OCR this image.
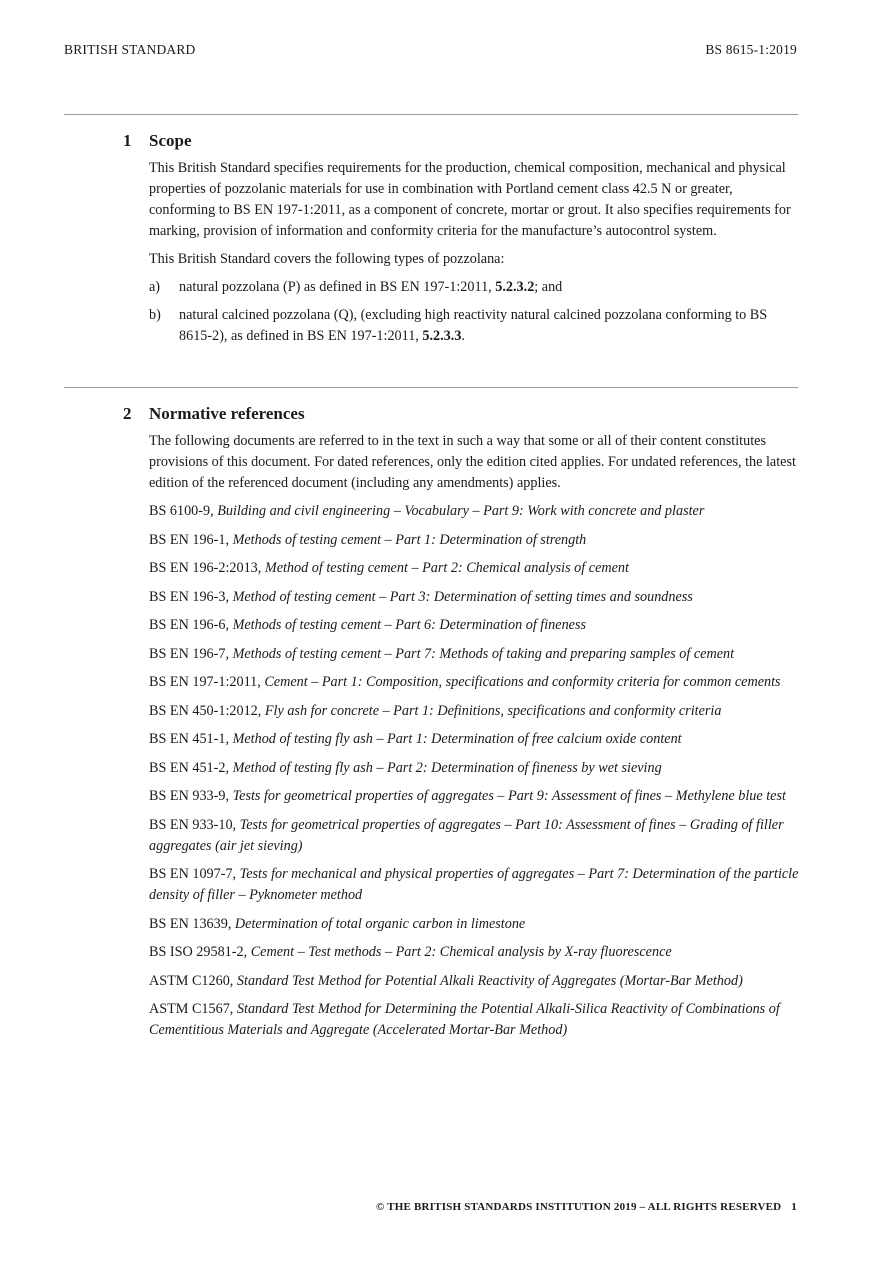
BRITISH STANDARD	BS 8615-1:2019
1	Scope

This British Standard specifies requirements for the production, chemical composition, mechanical and physical properties of pozzolanic materials for use in combination with Portland cement class 42.5 N or greater, conforming to BS EN 197-1:2011, as a component of concrete, mortar or grout. It also specifies requirements for marking, provision of information and conformity criteria for the manufacture’s autocontrol system.

This British Standard covers the following types of pozzolana:

a)	natural pozzolana (P) as defined in BS EN 197-1:2011, 5.2.3.2; and
b)	natural calcined pozzolana (Q), (excluding high reactivity natural calcined pozzolana conforming to BS 8615-2), as defined in BS EN 197-1:2011, 5.2.3.3.
2	Normative references

The following documents are referred to in the text in such a way that some or all of their content constitutes provisions of this document. For dated references, only the edition cited applies. For undated references, the latest edition of the referenced document (including any amendments) applies.

BS 6100-9, Building and civil engineering – Vocabulary – Part 9: Work with concrete and plaster

BS EN 196-1, Methods of testing cement – Part 1: Determination of strength

BS EN 196-2:2013, Method of testing cement – Part 2: Chemical analysis of cement

BS EN 196-3, Method of testing cement – Part 3: Determination of setting times and soundness

BS EN 196-6, Methods of testing cement – Part 6: Determination of fineness

BS EN 196-7, Methods of testing cement – Part 7: Methods of taking and preparing samples of cement

BS EN 197-1:2011, Cement – Part 1: Composition, specifications and conformity criteria for common cements

BS EN 450-1:2012, Fly ash for concrete – Part 1: Definitions, specifications and conformity criteria

BS EN 451-1, Method of testing fly ash – Part 1: Determination of free calcium oxide content

BS EN 451-2, Method of testing fly ash – Part 2: Determination of fineness by wet sieving

BS EN 933-9, Tests for geometrical properties of aggregates – Part 9: Assessment of fines – Methylene blue test

BS EN 933-10, Tests for geometrical properties of aggregates – Part 10: Assessment of fines – Grading of filler aggregates (air jet sieving)

BS EN 1097-7, Tests for mechanical and physical properties of aggregates – Part 7: Determination of the particle density of filler – Pyknometer method

BS EN 13639, Determination of total organic carbon in limestone

BS ISO 29581-2, Cement – Test methods – Part 2: Chemical analysis by X-ray fluorescence

ASTM C1260, Standard Test Method for Potential Alkali Reactivity of Aggregates (Mortar-Bar Method)

ASTM C1567, Standard Test Method for Determining the Potential Alkali-Silica Reactivity of Combinations of Cementitious Materials and Aggregate (Accelerated Mortar-Bar Method)

© THE BRITISH STANDARDS INSTITUTION 2019 – ALL RIGHTS RESERVED 1
